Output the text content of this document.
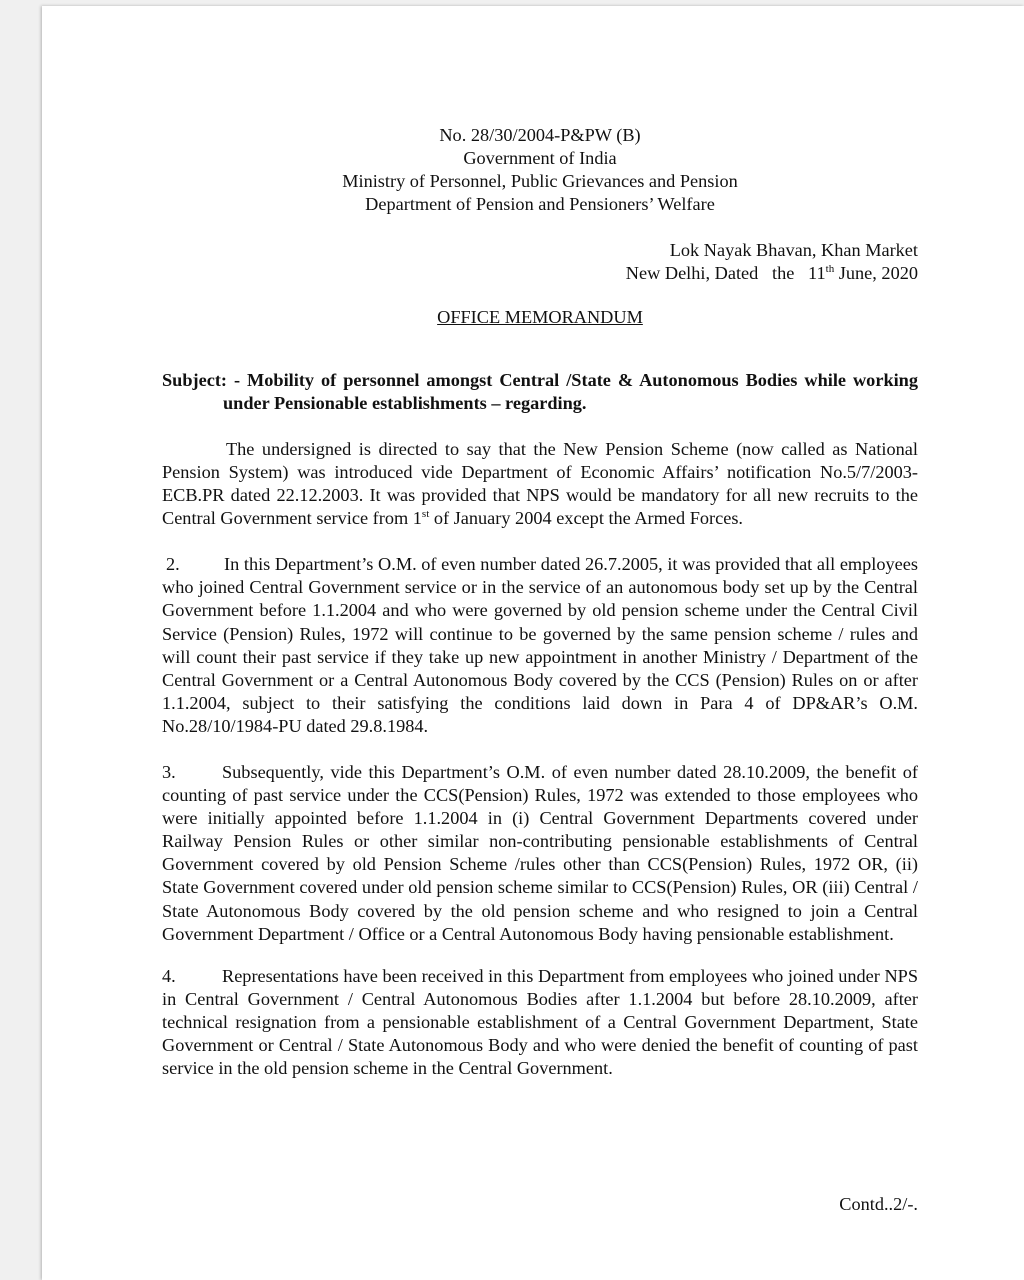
No. 28/30/2004-P&PW (B)
Government of India
Ministry of Personnel, Public Grievances and Pension
Department of Pension and Pensioners’ Welfare
Lok Nayak Bhavan, Khan Market
New Delhi, Dated   the   11th June, 2020
OFFICE MEMORANDUM
Subject: - Mobility of personnel amongst Central /State & Autonomous Bodies while working under Pensionable establishments – regarding.

The undersigned is directed to say that the New Pension Scheme (now called as National Pension System) was introduced vide Department of Economic Affairs’ notification No.5/7/2003-ECB.PR dated 22.12.2003. It was provided that NPS would be mandatory for all new recruits to the Central Government service from 1st of January 2004 except the Armed Forces.

2. In this Department’s O.M. of even number dated 26.7.2005, it was provided that all employees who joined Central Government service or in the service of an autonomous body set up by the Central Government before 1.1.2004 and who were governed by old pension scheme under the Central Civil Service (Pension) Rules, 1972 will continue to be governed by the same pension scheme / rules and will count their past service if they take up new appointment in another Ministry / Department of the Central Government or a Central Autonomous Body covered by the CCS (Pension) Rules on or after 1.1.2004, subject to their satisfying the conditions laid down in Para 4 of DP&AR’s O.M. No.28/10/1984-PU dated 29.8.1984.

3.	Subsequently, vide this Department’s O.M. of even number dated 28.10.2009, the benefit of counting of past service under the CCS(Pension) Rules, 1972 was extended to those employees who were initially appointed before 1.1.2004 in (i) Central Government Departments covered under Railway Pension Rules or other similar non-contributing pensionable establishments of Central Government covered by old Pension Scheme /rules other than CCS(Pension) Rules, 1972 OR, (ii) State Government covered under old pension scheme similar to CCS(Pension) Rules, OR (iii) Central / State Autonomous Body covered by the old pension scheme and who resigned to join a Central Government Department / Office or a Central Autonomous Body having pensionable establishment.

4.	Representations have been received in this Department from employees who joined under NPS in Central Government / Central Autonomous Bodies after 1.1.2004 but before 28.10.2009, after technical resignation from a pensionable establishment of a Central Government Department, State Government or Central / State Autonomous Body and who were denied the benefit of counting of past service in the old pension scheme in the Central Government.

Contd..2/-.
